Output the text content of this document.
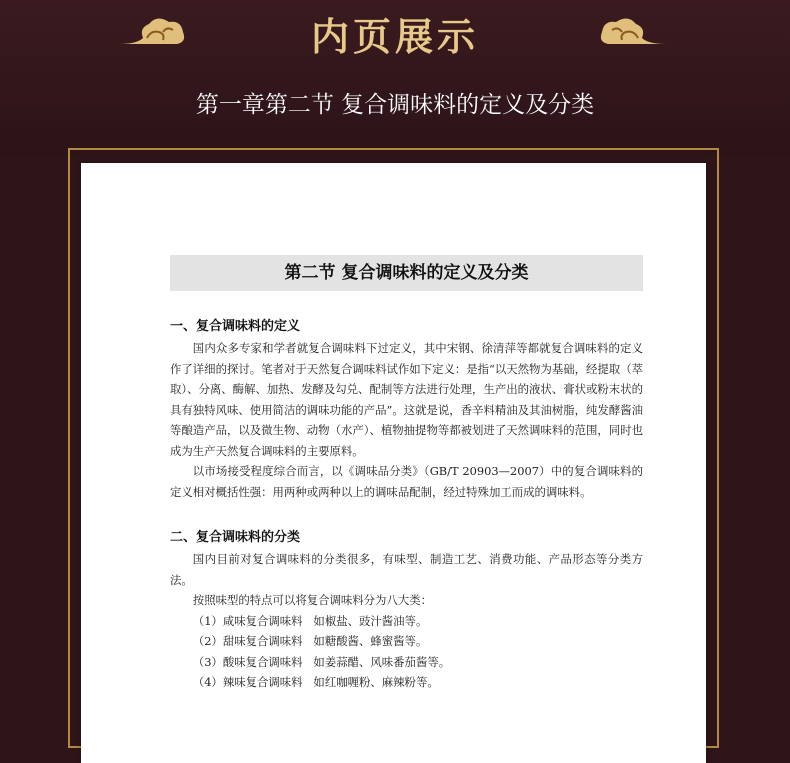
内页展示
第一章第二节 复合调味料的定义及分类
第二节 复合调味料的定义及分类
一、复合调味料的定义

国内众多专家和学者就复合调味料下过定义，其中宋钢、徐清萍等都就复合调味料的定义作了详细的探讨。笔者对于天然复合调味料试作如下定义：是指“以天然物为基础，经提取（萃取）、分离、酶解、加热、发酵及勾兑、配制等方法进行处理，生产出的液状、膏状或粉末状的具有独特风味、使用简洁的调味功能的产品”。这就是说，香辛料精油及其油树脂，纯发酵酱油等酿造产品，以及微生物、动物（水产）、植物抽提物等都被划进了天然调味料的范围，同时也成为生产天然复合调味料的主要原料。

以市场接受程度综合而言，以《调味品分类》（GB/T 20903—2007）中的复合调味料的定义相对概括性强：用两种或两种以上的调味品配制，经过特殊加工而成的调味料。

二、复合调味料的分类

国内目前对复合调味料的分类很多，有味型、制造工艺、消费功能、产品形态等分类方法。

按照味型的特点可以将复合调味料分为八大类：

（1）咸味复合调味料   如椒盐、豉汁酱油等。
（2）甜味复合调味料   如糖酸酱、蜂蜜酱等。
（3）酸味复合调味料   如姜蒜醋、风味番茄酱等。
（4）辣味复合调味料   如红咖喱粉、麻辣粉等。
